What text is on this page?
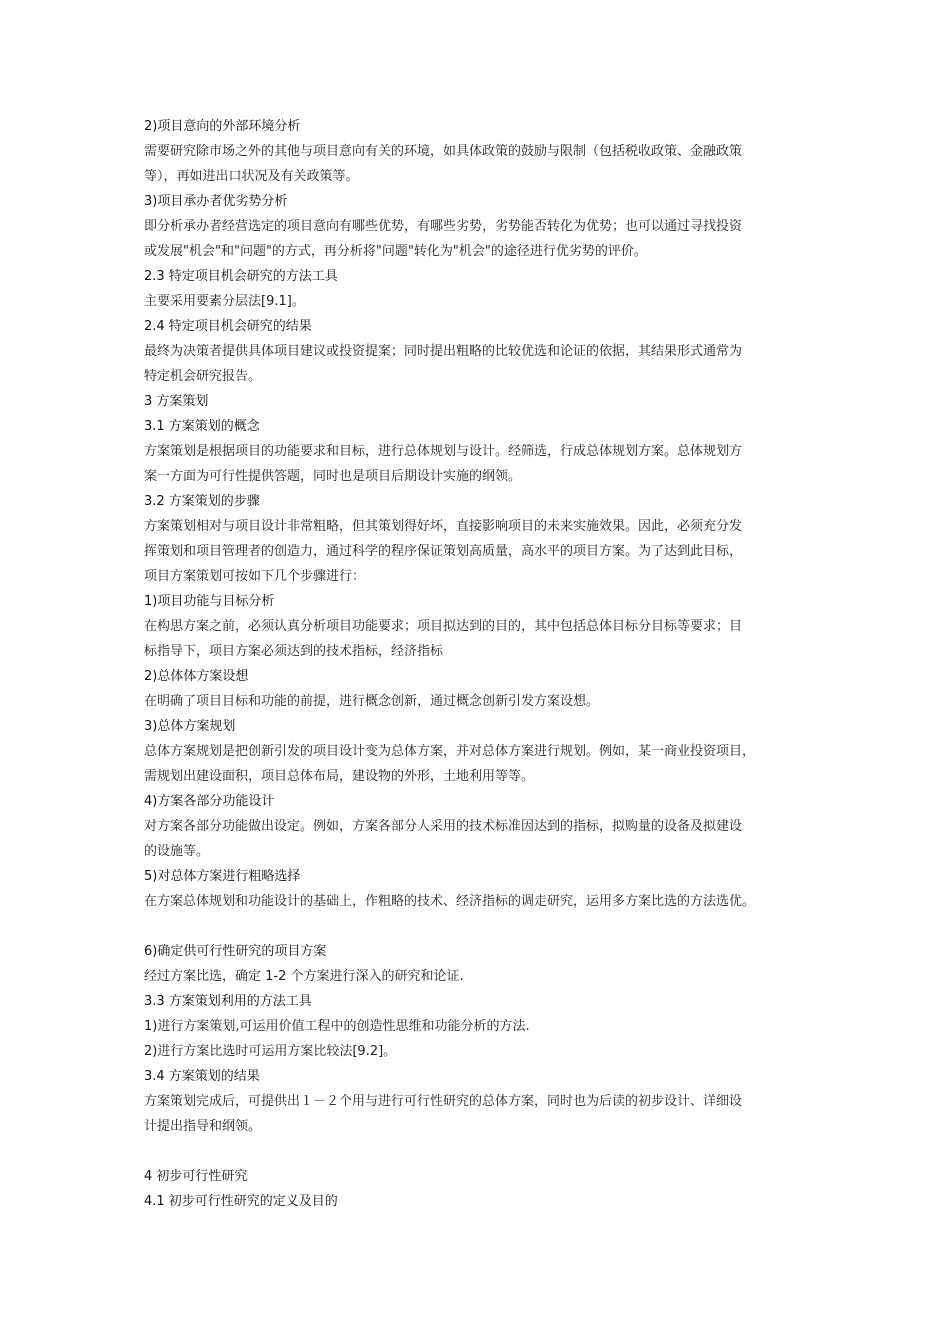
2)项目意向的外部环境分析
需要研究除市场之外的其他与项目意向有关的环境，如具体政策的鼓励与限制（包括税收政策、金融政策
等），再如进出口状况及有关政策等。
3)项目承办者优劣势分析
即分析承办者经营选定的项目意向有哪些优势，有哪些劣势，劣势能否转化为优势；也可以通过寻找投资
或发展"机会"和"问题"的方式，再分析将"问题"转化为"机会"的途径进行优劣势的评价。
2.3 特定项目机会研究的方法工具
主要采用要素分层法[9.1]。
2.4 特定项目机会研究的结果
最终为决策者提供具体项目建议或投资提案；同时提出粗略的比较优选和论证的依据，其结果形式通常为
特定机会研究报告。
3 方案策划
3.1 方案策划的概念
方案策划是根据项目的功能要求和目标，进行总体规划与设计。经筛选，行成总体规划方案。总体规划方
案一方面为可行性提供答题，同时也是项目后期设计实施的纲领。
3.2 方案策划的步骤
方案策划相对与项目设计非常粗略，但其策划得好坏，直接影响项目的未来实施效果。因此，必须充分发
挥策划和项目管理者的创造力，通过科学的程序保证策划高质量，高水平的项目方案。为了达到此目标，
项目方案策划可按如下几个步骤进行：
1)项目功能与目标分析
在构思方案之前，必须认真分析项目功能要求；项目拟达到的目的，其中包括总体目标分目标等要求；目
标指导下，项目方案必须达到的技术指标，经济指标
2)总体体方案设想
在明确了项目目标和功能的前提，进行概念创新，通过概念创新引发方案设想。
3)总体方案规划
总体方案规划是把创新引发的项目设计变为总体方案，并对总体方案进行规划。例如，某一商业投资项目，
需规划出建设面积，项目总体布局，建设物的外形，土地利用等等。
4)方案各部分功能设计
对方案各部分功能做出设定。例如，方案各部分人采用的技术标准因达到的指标，拟购量的设备及拟建设
的设施等。
5)对总体方案进行粗略选择
在方案总体规划和功能设计的基础上，作粗略的技术、经济指标的调走研究，运用多方案比选的方法选优。
6)确定供可行性研究的项目方案
经过方案比选，确定 1-2 个方案进行深入的研究和论证.
3.3 方案策划利用的方法工具
1)进行方案策划,可运用价值工程中的创造性思维和功能分析的方法.
2)进行方案比选时可运用方案比较法[9.2]。
3.4 方案策划的结果
方案策划完成后，可提供出１－２个用与进行可行性研究的总体方案，同时也为后读的初步设计、详细设
计提出指导和纲领。
4 初步可行性研究
4.1 初步可行性研究的定义及目的
